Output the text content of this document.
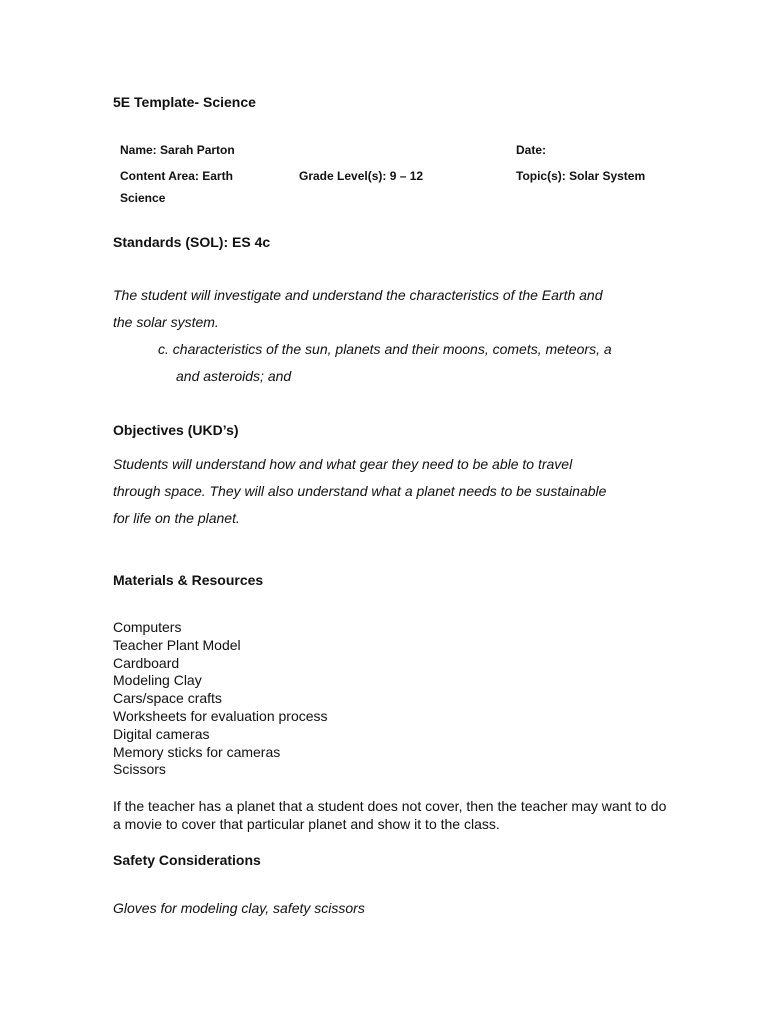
5E Template- Science
Name: Sarah Parton	Date:
Content Area: Earth
Science
Grade Level(s): 9 – 12	Topic(s): Solar System
Standards (SOL): ES 4c
The student will investigate and understand the characteristics of the Earth and
the solar system.
c. characteristics of the sun, planets and their moons, comets, meteors, a
and asteroids; and
Objectives (UKD’s)
Students will understand how and what gear they need to be able to travel
through space. They will also understand what a planet needs to be sustainable
for life on the planet.
Materials & Resources
Computers
Teacher Plant Model
Cardboard
Modeling Clay
Cars/space crafts
Worksheets for evaluation process
Digital cameras
Memory sticks for cameras
Scissors
If the teacher has a planet that a student does not cover, then the teacher may want to do a movie to cover that particular planet and show it to the class.
Safety Considerations
Gloves for modeling clay, safety scissors
